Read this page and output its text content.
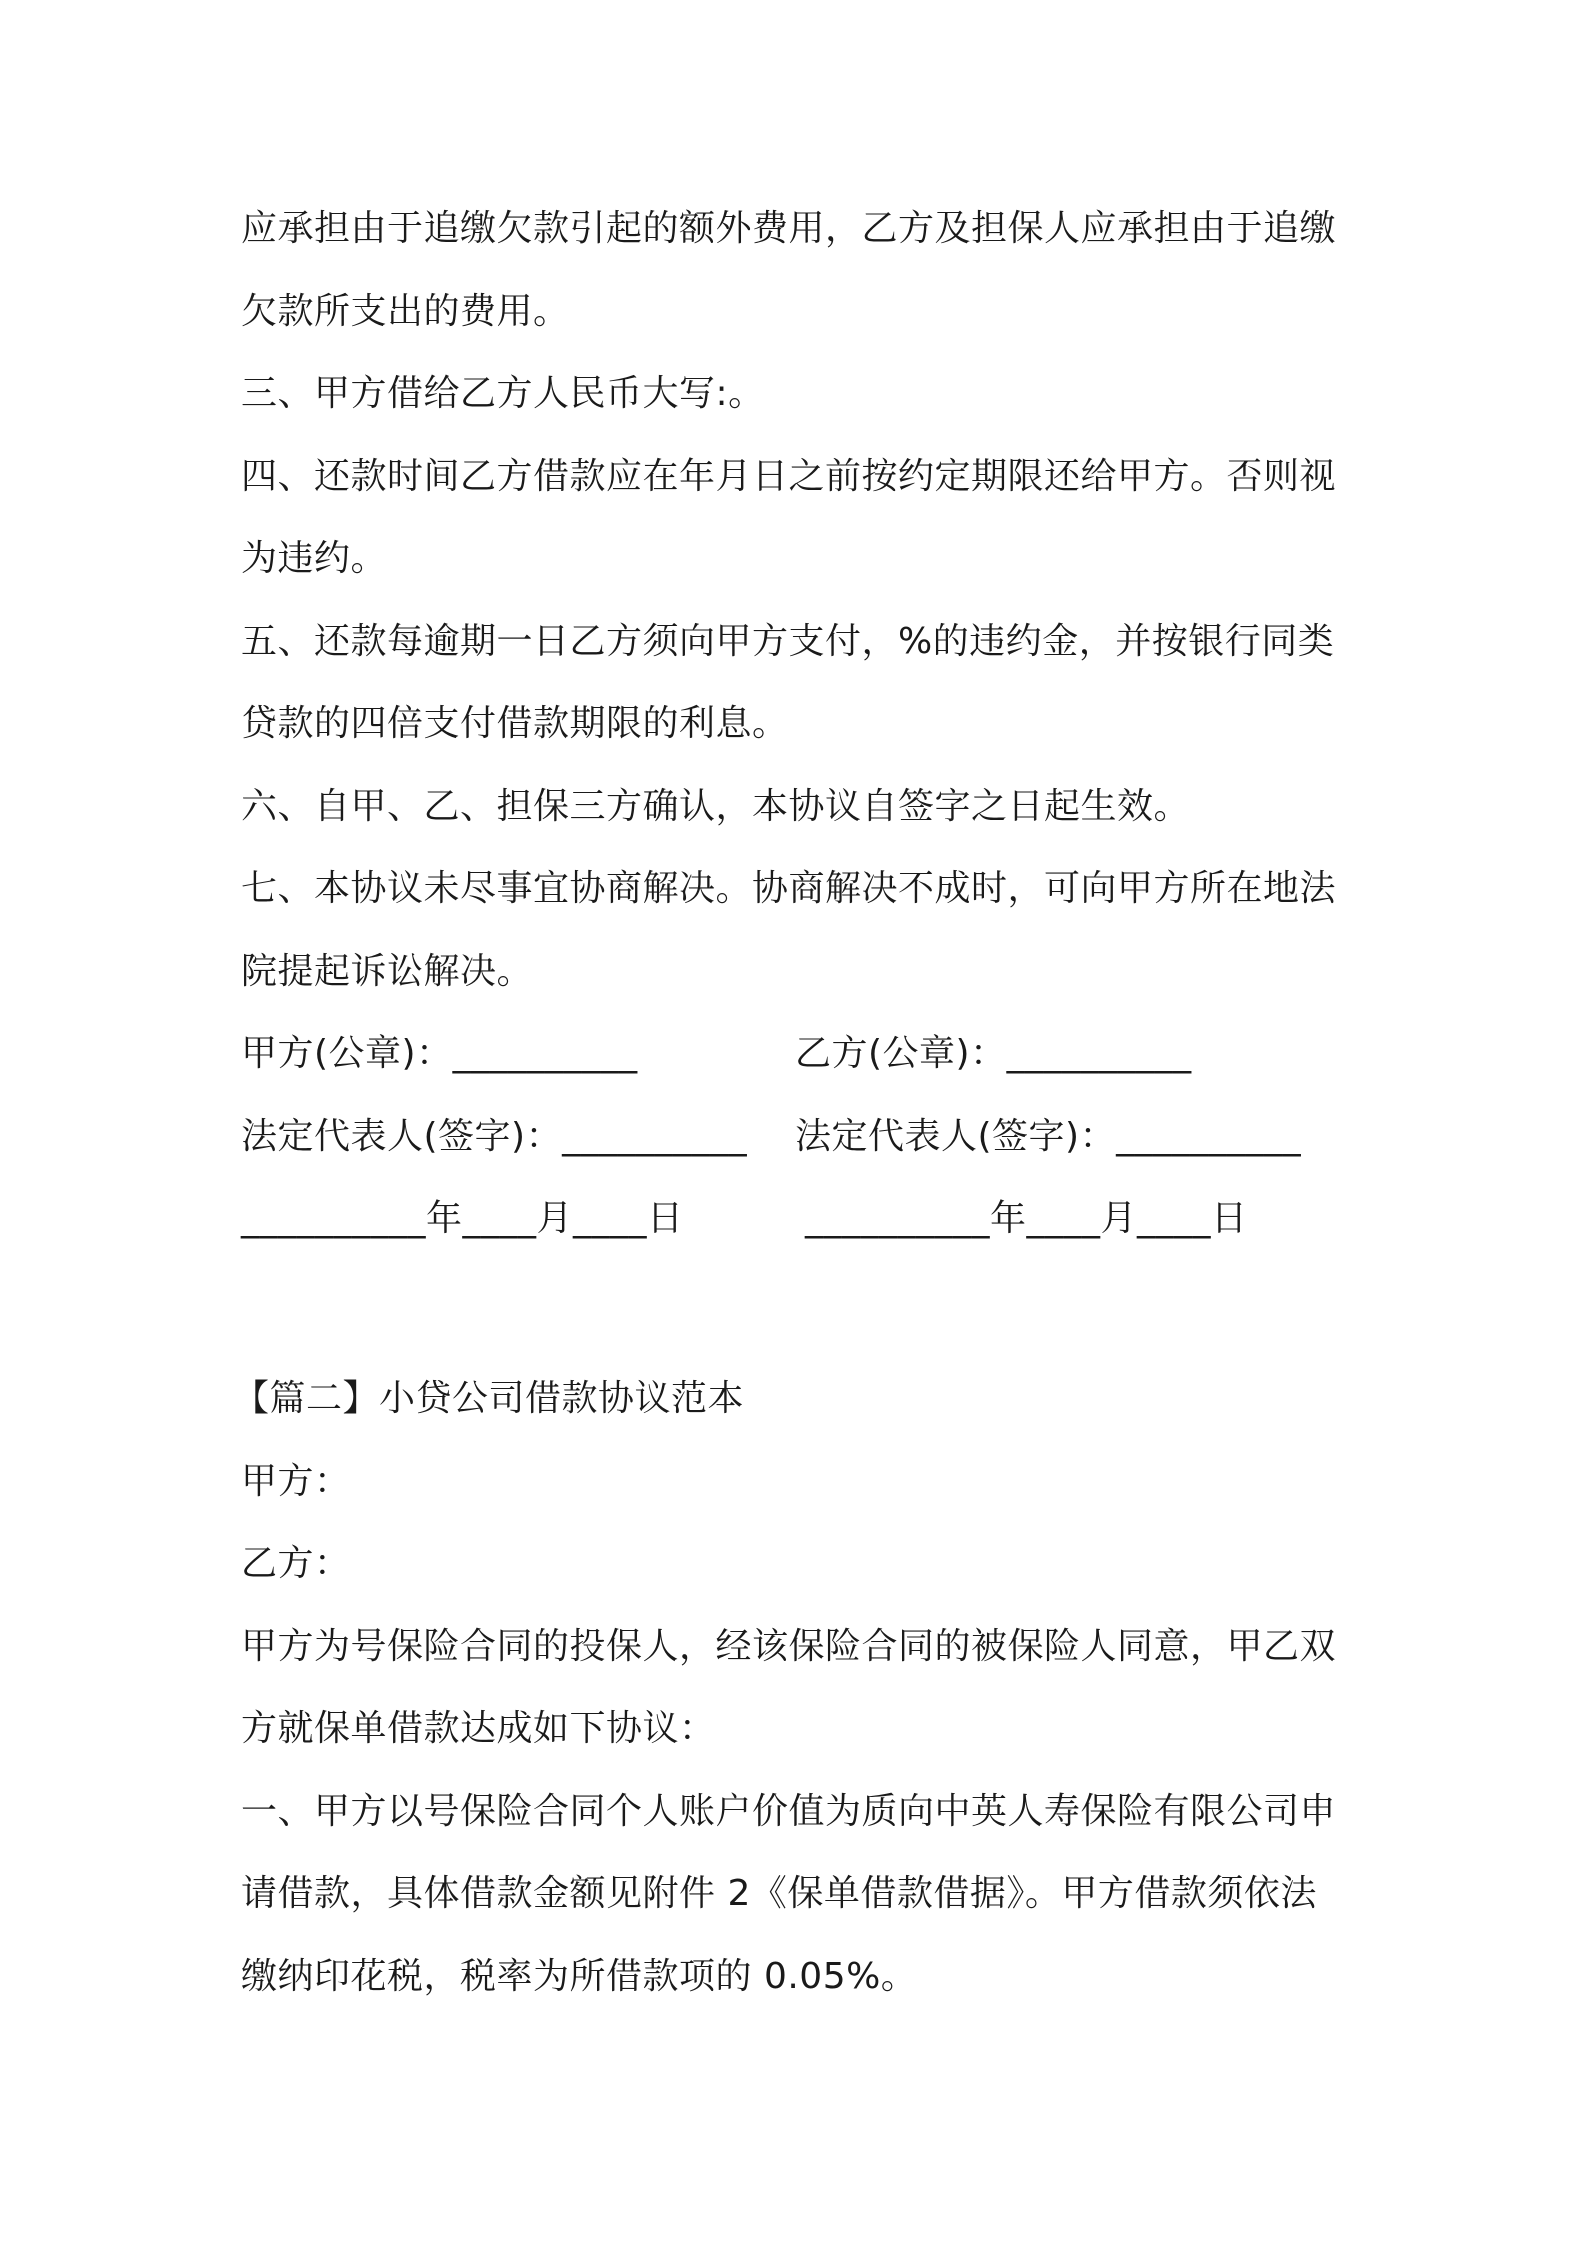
应承担由于追缴欠款引起的额外费用，乙方及担保人应承担由于追缴
欠款所支出的费用。
三、甲方借给乙方人民币大写:。
四、还款时间乙方借款应在年月日之前按约定期限还给甲方。否则视
为违约。
五、还款每逾期一日乙方须向甲方支付，%的违约金，并按银行同类
贷款的四倍支付借款期限的利息。
六、自甲、乙、担保三方确认，本协议自签字之日起生效。
七、本协议未尽事宜协商解决。协商解决不成时，可向甲方所在地法
院提起诉讼解决。
甲方(公章)：__________	乙方(公章)：__________
法定代表人(签字)：__________ 法定代表人(签字)：__________
__________年____月____日	__________年____月____日
【篇二】小贷公司借款协议范本
甲方：
乙方：
甲方为号保险合同的投保人，经该保险合同的被保险人同意，甲乙双
方就保单借款达成如下协议：
一、甲方以号保险合同个人账户价值为质向中英人寿保险有限公司申
请借款，具体借款金额见附件 2《保单借款借据》。甲方借款须依法
缴纳印花税，税率为所借款项的 0.05%。
